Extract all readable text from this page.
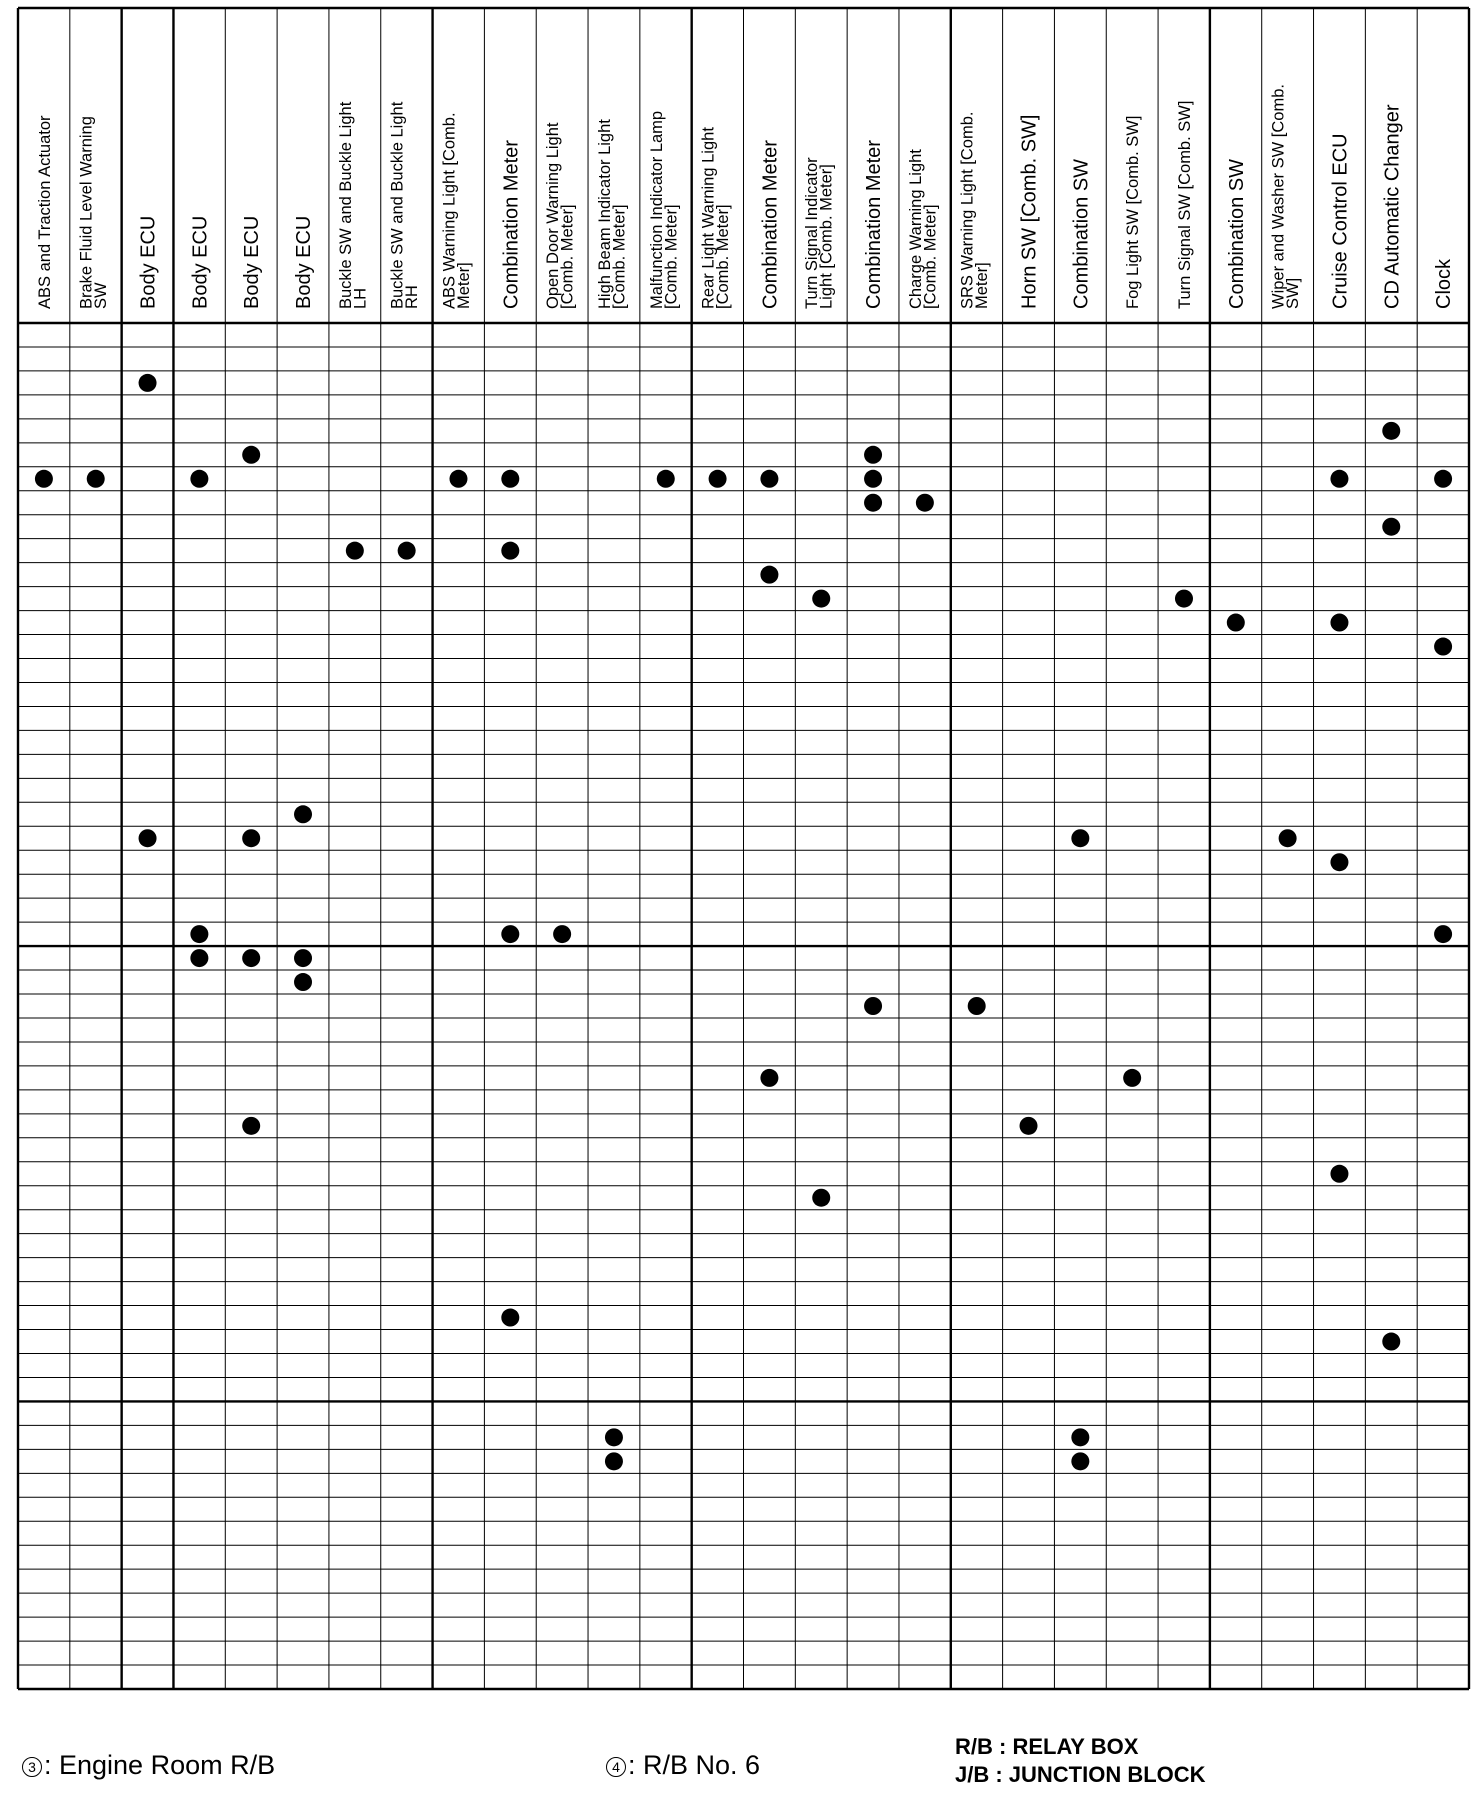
ABS and Traction Actuator Brake Fluid Level WarningSW Body ECU Body ECU Body ECU Body ECU Buckle SW and Buckle LightLH Buckle SW and Buckle LightRH ABS Warning Light [Comb.Meter] Combination Meter Open Door Warning Light[Comb. Meter] High Beam Indicator Light[Comb. Meter] Malfunction Indicator Lamp[Comb. Meter] Rear Light Warning Light[Comb. Meter] Combination Meter Turn Signal IndicatorLight [Comb. Meter] Combination Meter Charge Warning Light[Comb. Meter] SRS Warning Light [Comb.Meter] Horn SW [Comb. SW] Combination SW Fog Light SW [Comb. SW] Turn Signal SW [Comb. SW] Combination SW Wiper and Washer SW [Comb.SW] Cruise Control ECU CD Automatic Changer Clock
3 : Engine Room R/B	4 : R/B No. 6
R/B : RELAY BOX
J/B : JUNCTION BLOCK
